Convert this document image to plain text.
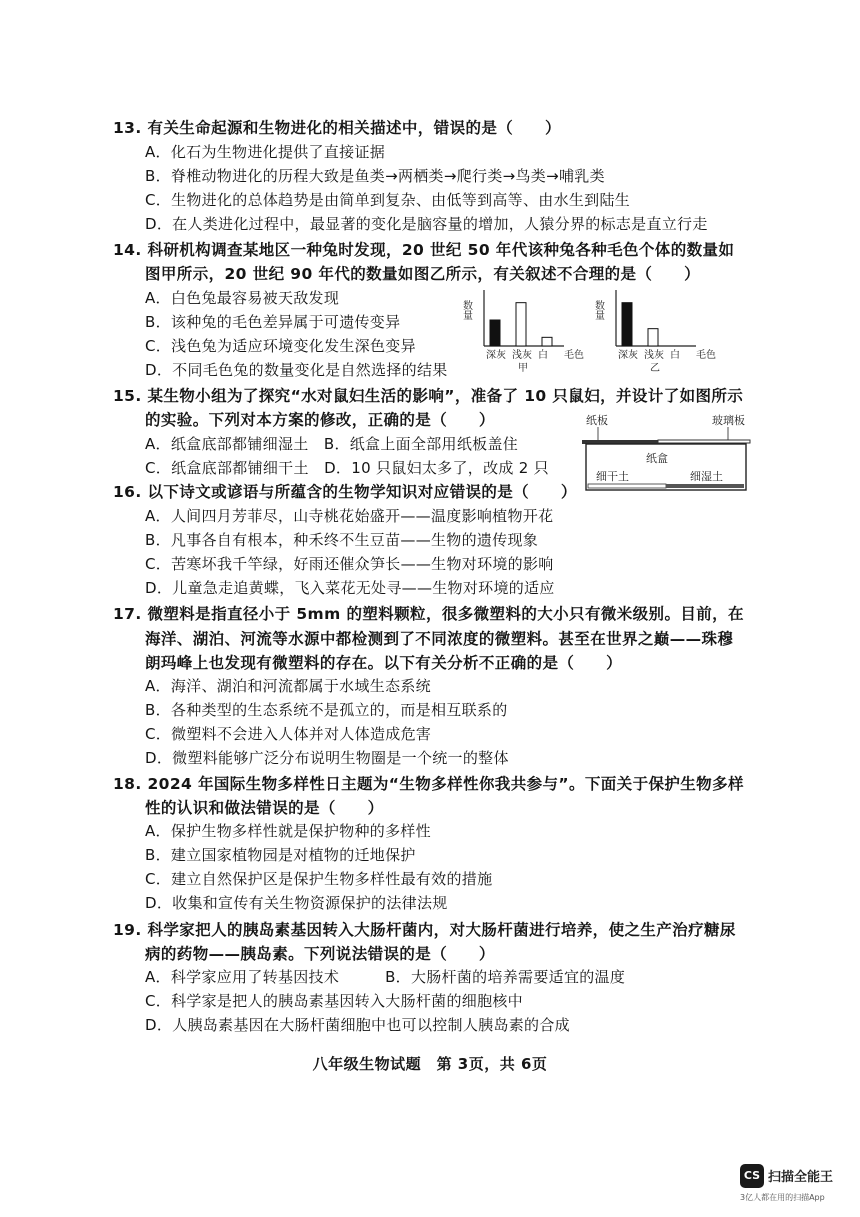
13. 有关生命起源和生物进化的相关描述中，错误的是（　　）
A．化石为生物进化提供了直接证据
B．脊椎动物进化的历程大致是鱼类→两栖类→爬行类→鸟类→哺乳类
C．生物进化的总体趋势是由简单到复杂、由低等到高等、由水生到陆生
D．在人类进化过程中，最显著的变化是脑容量的增加，人猿分界的标志是直立行走
14. 科研机构调查某地区一种兔时发现，20 世纪 50 年代该种兔各种毛色个体的数量如
图甲所示，20 世纪 90 年代的数量如图乙所示，有关叙述不合理的是（　　）
A．白色兔最容易被天敌发现
B．该种兔的毛色差异属于可遗传变异
C．浅色兔为适应环境变化发生深色变异
D．不同毛色兔的数量变化是自然选择的结果
数量
深灰 浅灰 白 毛色
甲
数量
深灰 浅灰 白 毛色
乙
15. 某生物小组为了探究“水对鼠妇生活的影响”，准备了 10 只鼠妇，并设计了如图所示
的实验。下列对本方案的修改，正确的是（　　）
A．纸盒底部都铺细湿土　B．纸盒上面全部用纸板盖住
C．纸盒底部都铺细干土　D．10 只鼠妇太多了，改成 2 只
纸板	玻璃板
纸盒
细干土	细湿土
16. 以下诗文或谚语与所蕴含的生物学知识对应错误的是（　　）
A．人间四月芳菲尽，山寺桃花始盛开——温度影响植物开花
B．凡事各自有根本，种禾终不生豆苗——生物的遗传现象
C．苦寒坏我千竿绿，好雨还催众笋长——生物对环境的影响
D．儿童急走追黄蝶，飞入菜花无处寻——生物对环境的适应
17. 微塑料是指直径小于 5mm 的塑料颗粒，很多微塑料的大小只有微米级别。目前，在
海洋、湖泊、河流等水源中都检测到了不同浓度的微塑料。甚至在世界之巅——珠穆
朗玛峰上也发现有微塑料的存在。以下有关分析不正确的是（　　）
A．海洋、湖泊和河流都属于水域生态系统
B．各种类型的生态系统不是孤立的，而是相互联系的
C．微塑料不会进入人体并对人体造成危害
D．微塑料能够广泛分布说明生物圈是一个统一的整体
18. 2024 年国际生物多样性日主题为“生物多样性你我共参与”。下面关于保护生物多样
性的认识和做法错误的是（　　）
A．保护生物多样性就是保护物种的多样性
B．建立国家植物园是对植物的迁地保护
C．建立自然保护区是保护生物多样性最有效的措施
D．收集和宣传有关生物资源保护的法律法规
19. 科学家把人的胰岛素基因转入大肠杆菌内，对大肠杆菌进行培养，使之生产治疗糖尿
病的药物——胰岛素。下列说法错误的是（　　）
A．科学家应用了转基因技术　　　B．大肠杆菌的培养需要适宜的温度
C．科学家是把人的胰岛素基因转入大肠杆菌的细胞核中
D．人胰岛素基因在大肠杆菌细胞中也可以控制人胰岛素的合成
八年级生物试题　第 3页，共 6页
CS 扫描全能王
3亿人都在用的扫描App
